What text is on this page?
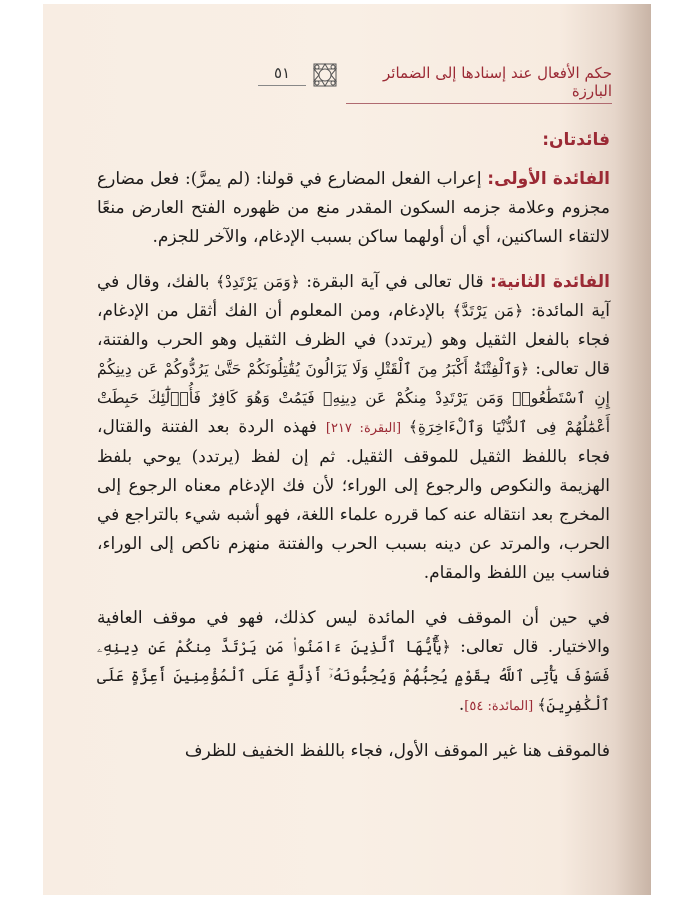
حكم الأفعال عند إسنادها إلى الضمائر البارزة
٥١

فائدتان:

الفائدة الأولى: إعراب الفعل المضارع في قولنا: (لم يمرَّ): فعل مضارع مجزوم وعلامة جزمه السكون المقدر منع من ظهوره الفتح العارض منعًا لالتقاء الساكنين، أي أن أولهما ساكن بسبب الإدغام، والآخر للجزم.

الفائدة الثانية: قال تعالى في آية البقرة: ﴿وَمَن يَرْتَدِدْ﴾ بالفك، وقال في آية المائدة: ﴿مَن يَرْتَدَّ﴾ بالإدغام، ومن المعلوم أن الفك أثقل من الإدغام، فجاء بالفعل الثقيل وهو (يرتدد) في الظرف الثقيل وهو الحرب والفتنة، قال تعالى: ﴿وَٱلْفِتْنَةُ أَكْبَرُ مِنَ ٱلْقَتْلِ وَلَا يَزَالُونَ يُقَٰتِلُونَكُمْ حَتَّىٰ يَرُدُّوكُمْ عَن دِينِكُمْ إِنِ ٱسْتَطَٰعُوا۟ وَمَن يَرْتَدِدْ مِنكُمْ عَن دِينِهِۦ فَيَمُتْ وَهُوَ كَافِرٌ فَأُو۟لَٰٓئِكَ حَبِطَتْ أَعْمَٰلُهُمْ فِى ٱلدُّنْيَا وَٱلْءَاخِرَةِ﴾ [البقرة: ٢١٧] فهذه الردة بعد الفتنة والقتال، فجاء باللفظ الثقيل للموقف الثقيل. ثم إن لفظ (يرتدد) يوحي بلفظ الهزيمة والنكوص والرجوع إلى الوراء؛ لأن فك الإدغام معناه الرجوع إلى المخرج بعد انتقاله عنه كما قرره علماء اللغة، فهو أشبه شيء بالتراجع في الحرب، والمرتد عن دينه بسبب الحرب والفتنة منهزم ناكص إلى الوراء، فناسب بين اللفظ والمقام.

في حين أن الموقف في المائدة ليس كذلك، فهو في موقف العافية والاختيار. قال تعالى: ﴿يَٰٓأَيُّهَا ٱلَّذِينَ ءَامَنُوا۟ مَن يَرْتَدَّ مِنكُمْ عَن دِينِهِۦ فَسَوْفَ يَأْتِى ٱللَّهُ بِقَوْمٍ يُحِبُّهُمْ وَيُحِبُّونَهُۥٓ أَذِلَّةٍ عَلَى ٱلْمُؤْمِنِينَ أَعِزَّةٍ عَلَى ٱلْكَٰفِرِينَ﴾ [المائدة: ٥٤].

فالموقف هنا غير الموقف الأول، فجاء باللفظ الخفيف للظرف
